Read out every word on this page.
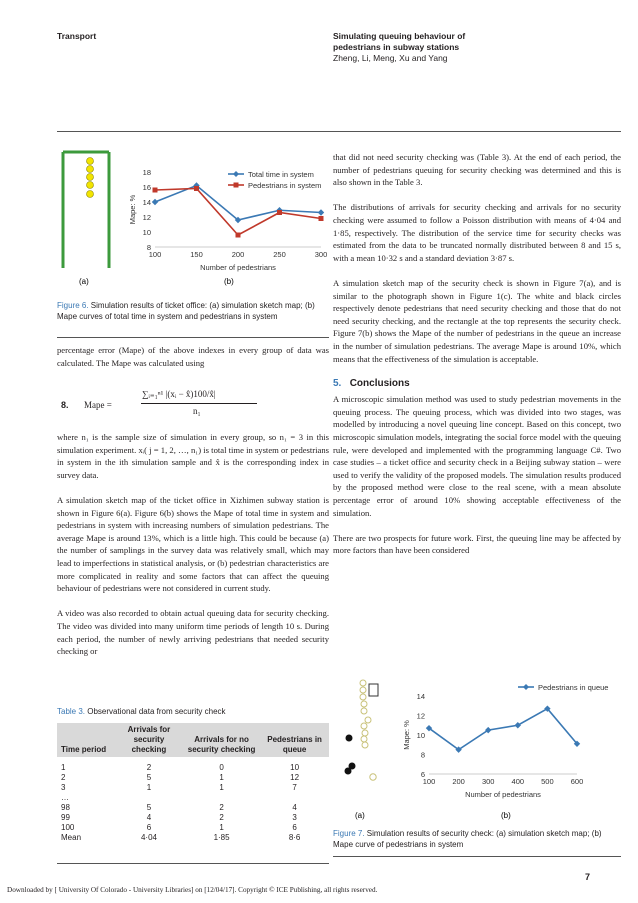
Transport	Simulating queuing behaviour of
pedestrians in subway stations
Zheng, Li, Meng, Xu and Yang
(a)	(b)
8
10
12
14
16
18
100	150	200	250	300
Number of pedestrians
Mape: %
Total time in system
Pedestrians in system
Figure 6. Simulation results of ticket office: (a) simulation sketch map; (b) Mape curves of total time in system and pedestrians in system

percentage error (Mape) of the above indexes in every group of data was calculated. The Mape was calculated using

8. Mape =
∑ᵢ₌₁ⁿ¹ |(xᵢ − x̂)100/x̂|
n₁

where n₁ is the sample size of simulation in every group, so n₁ = 3 in this simulation experiment. xᵢ( j = 1, 2, …, n₁) is total time in system or pedestrians in system in the ith simulation sample and x̂ is the corresponding index in survey data.

A simulation sketch map of the ticket office in Xizhimen subway station is shown in Figure 6(a). Figure 6(b) shows the Mape of total time in system and pedestrians in system with increasing numbers of simulation pedestrians. The average Mape is around 13%, which is a little high. This could be because (a) the number of samplings in the survey data was relatively small, which may lead to imperfections in statistical analysis, or (b) pedestrian characteristics are more complicated in reality and some factors that can affect the queuing behaviour of pedestrians were not considered in current study.

A video was also recorded to obtain actual queuing data for security checking. The video was divided into many uniform time periods of length 10 s. During each period, the number of newly arriving pedestrians that needed security checking or

Table 3. Observational data from security check
Time period	Arrivals for security checking	Arrivals for no security checking	Pedestrians in queue

1	2	0	10
2	5	1	12
3	1	1	7
…			
98	5	2	4
99	4	2	3
100	6	1	6
Mean	4·04	1·85	8·6

that did not need security checking was (Table 3). At the end of each period, the number of pedestrians queuing for security checking was determined and this is also shown in the Table 3.

The distributions of arrivals for security checking and arrivals for no security checking were assumed to follow a Poisson distribution with means of 4·04 and 1·85, respectively. The distribution of the service time for security checks was estimated from the data to be truncated normally distributed between 8 and 15 s, with a mean 10·32 s and a standard deviation 3·87 s.

A simulation sketch map of the security check is shown in Figure 7(a), and is similar to the photograph shown in Figure 1(c). The white and black circles respectively denote pedestrians that need security checking and those that do not need security checking, and the rectangle at the top represents the security check. Figure 7(b) shows the Mape of the number of pedestrians in the queue an increase in the number of simulation pedestrians. The average Mape is around 10%, which means that the effectiveness of the simulation is acceptable.

5. Conclusions

A microscopic simulation method was used to study pedestrian movements in the queuing process. The queuing process, which was divided into two stages, was modelled by introducing a novel queuing line concept. Based on this concept, two microscopic simulation models, integrating the social force model with the queuing rule, were developed and implemented with the programming language C#. Two case studies – a ticket office and security check in a Beijing subway station – were used to verify the validity of the proposed models. The simulation results produced by the proposed method were close to the real scene, with a mean absolute percentage error of around 10% showing acceptable effectiveness of the simulation.

There are two prospects for future work. First, the queuing line may be affected by more factors than have been considered

(a)	(b)
6
8
10
12
14
100 200 300 400 500 600
Number of pedestrians
Mape: %
Pedestrians in queue
Figure 7. Simulation results of security check: (a) simulation sketch map; (b) Mape curve of pedestrians in system
7
Downloaded by [ University Of Colorado - University Libraries] on [12/04/17]. Copyright © ICE Publishing, all rights reserved.
